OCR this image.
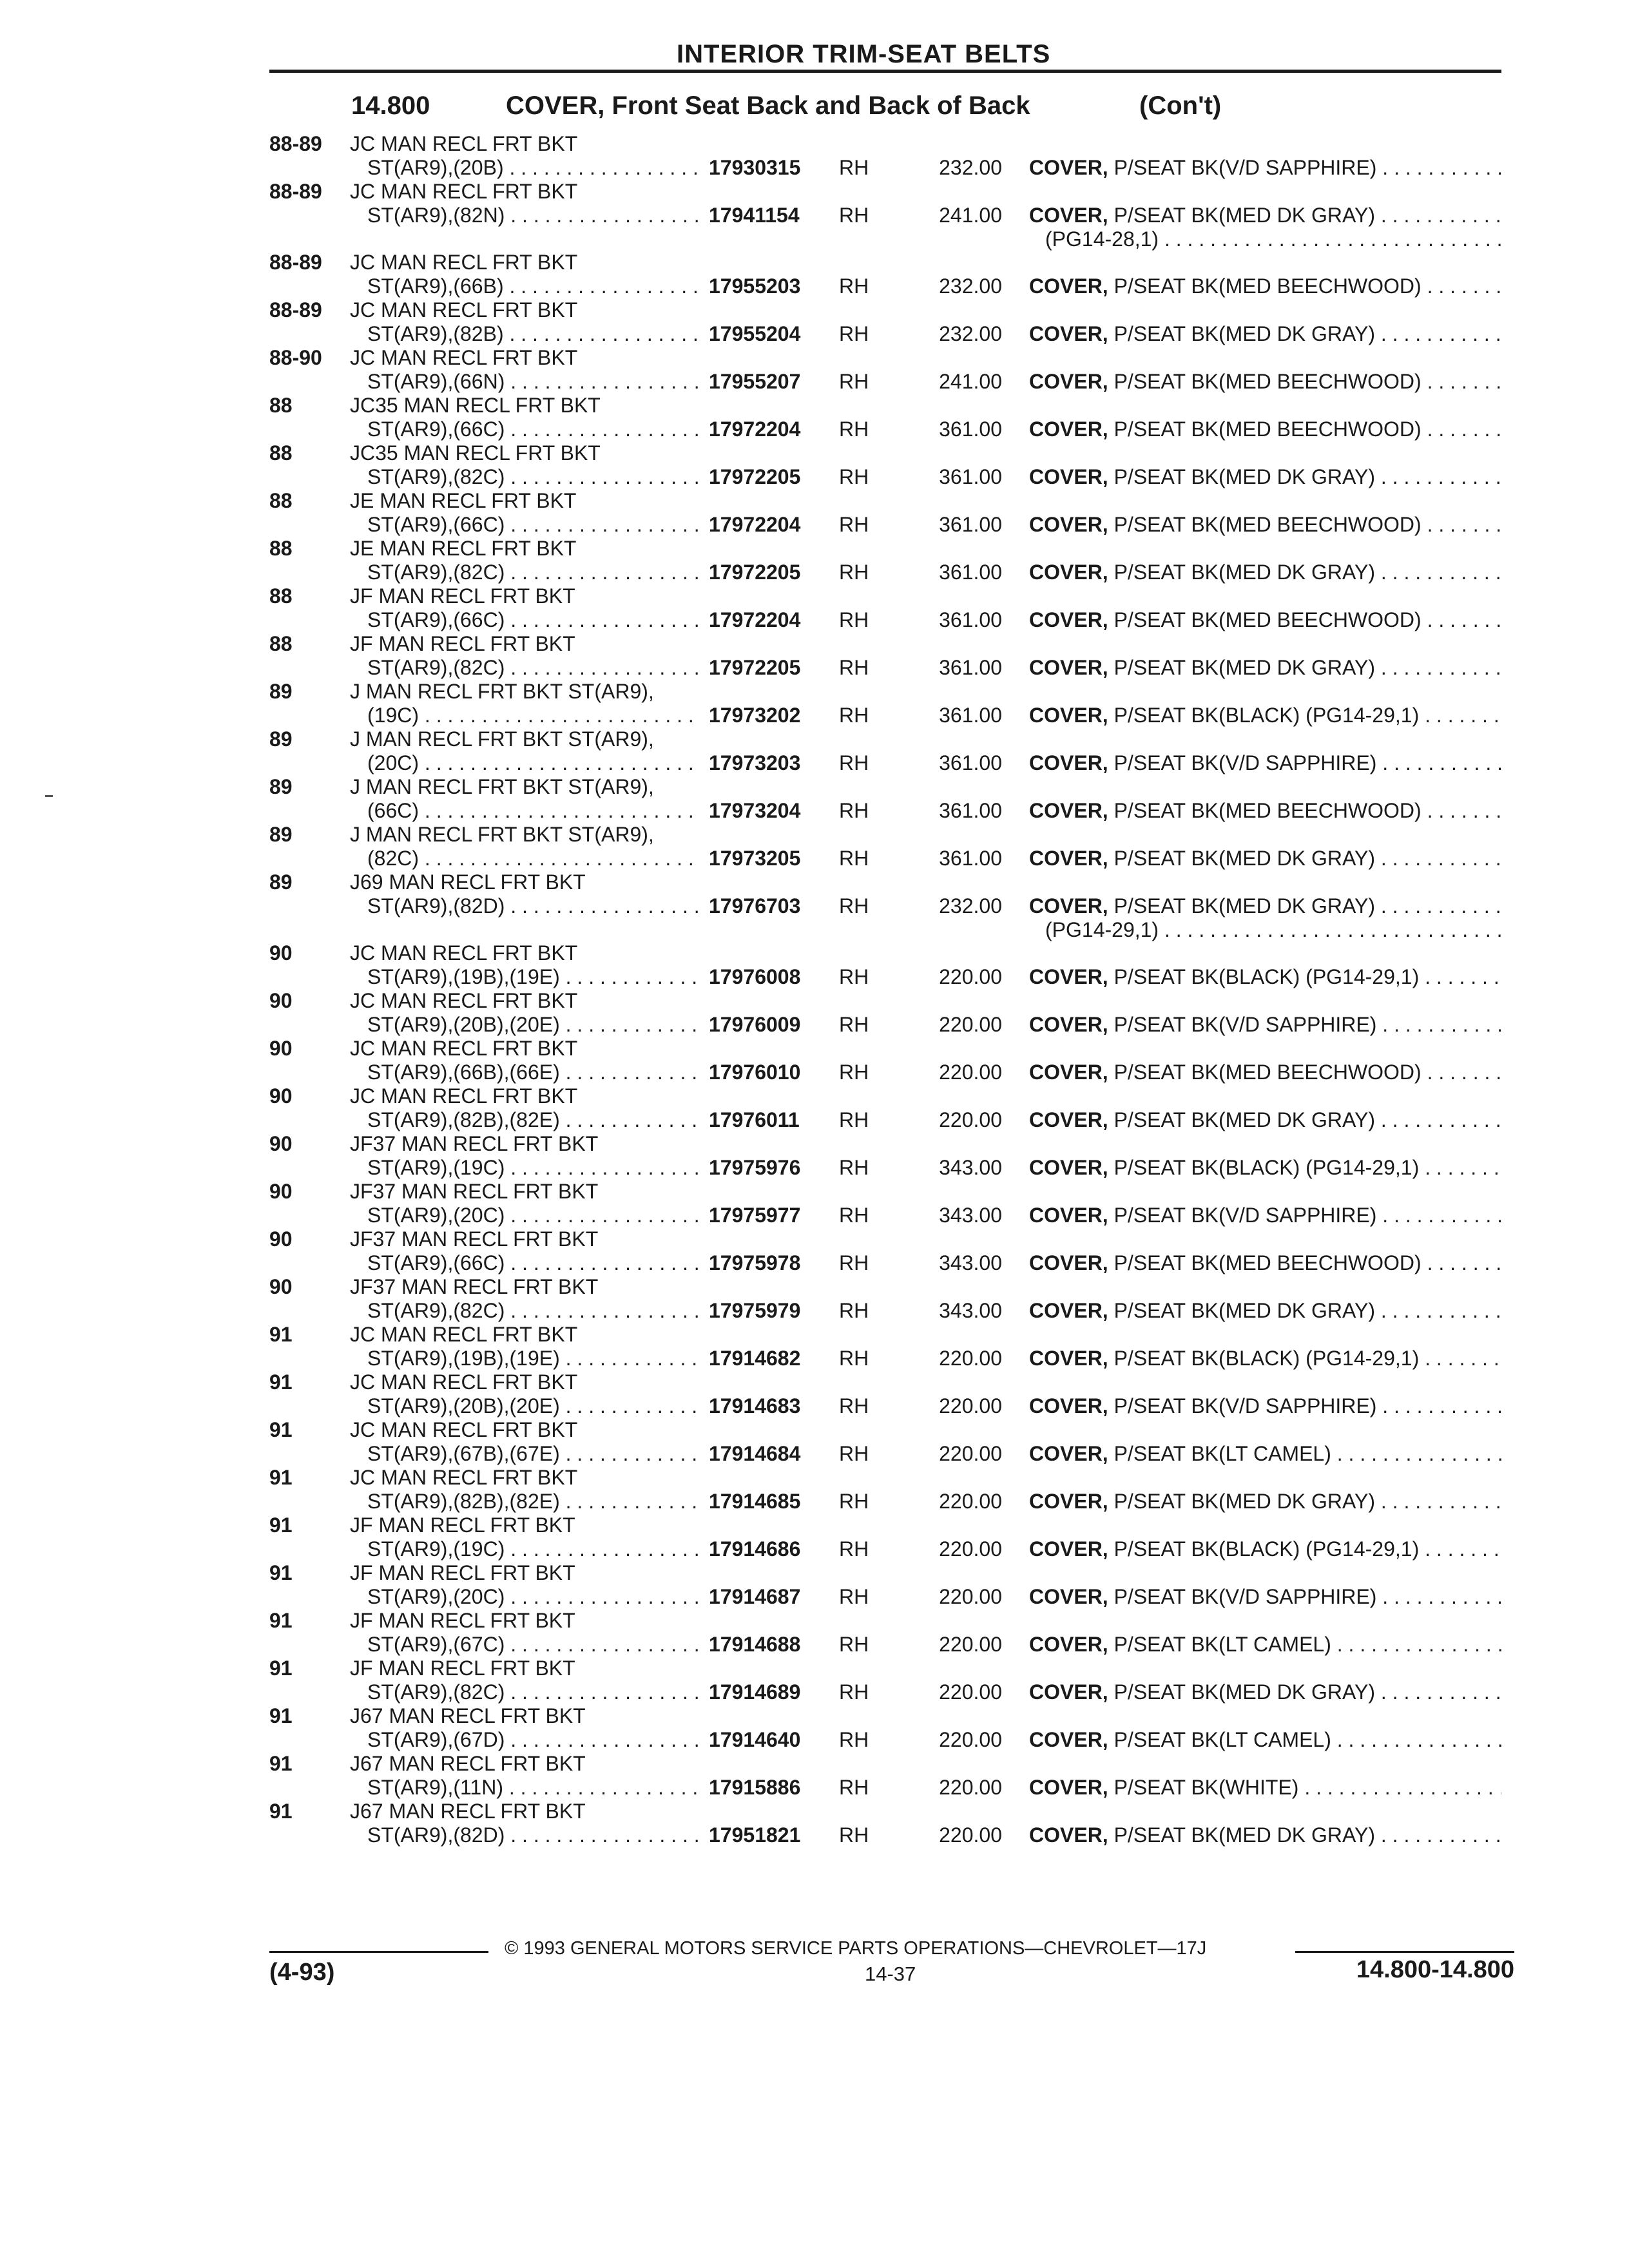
INTERIOR TRIM-SEAT BELTS
14.800	COVER, Front Seat Back and Back of Back	(Con't)
88-89 JC MAN RECL FRT BKT
ST(AR9),(20B) . . .	17930315 RH	232.00 COVER, P/SEAT BK(V/D SAPPHIRE) . . .
88-89 JC MAN RECL FRT BKT
ST(AR9),(82N) . . .	17941154 RH	241.00 COVER, P/SEAT BK(MED DK GRAY) . . .
(PG14-28,1) . . .
88-89 JC MAN RECL FRT BKT
ST(AR9),(66B) . . .	17955203 RH	232.00 COVER, P/SEAT BK(MED BEECHWOOD) . . .
88-89 JC MAN RECL FRT BKT
ST(AR9),(82B) . . .	17955204 RH	232.00 COVER, P/SEAT BK(MED DK GRAY) . . .
88-90 JC MAN RECL FRT BKT
ST(AR9),(66N) . . .	17955207 RH	241.00 COVER, P/SEAT BK(MED BEECHWOOD) . . .
88	JC35 MAN RECL FRT BKT
ST(AR9),(66C) . . .	17972204 RH	361.00 COVER, P/SEAT BK(MED BEECHWOOD) . . .
88	JC35 MAN RECL FRT BKT
ST(AR9),(82C) . . .	17972205 RH	361.00 COVER, P/SEAT BK(MED DK GRAY) . . .
88	JE MAN RECL FRT BKT
ST(AR9),(66C) . . .	17972204 RH	361.00 COVER, P/SEAT BK(MED BEECHWOOD) . . .
88	JE MAN RECL FRT BKT
ST(AR9),(82C) . . .	17972205 RH	361.00 COVER, P/SEAT BK(MED DK GRAY) . . .
88	JF MAN RECL FRT BKT
ST(AR9),(66C) . . .	17972204 RH	361.00 COVER, P/SEAT BK(MED BEECHWOOD) . . .
88	JF MAN RECL FRT BKT
ST(AR9),(82C) . . .	17972205 RH	361.00 COVER, P/SEAT BK(MED DK GRAY) . . .
89	J MAN RECL FRT BKT ST(AR9),
(19C) . . .	17973202 RH	361.00 COVER, P/SEAT BK(BLACK) (PG14-29,1) . . .
89	J MAN RECL FRT BKT ST(AR9),
(20C) . . .	17973203 RH	361.00 COVER, P/SEAT BK(V/D SAPPHIRE) . . .
89	J MAN RECL FRT BKT ST(AR9),
(66C) . . .	17973204 RH	361.00 COVER, P/SEAT BK(MED BEECHWOOD) . . .
89	J MAN RECL FRT BKT ST(AR9),
(82C) . . .	17973205 RH	361.00 COVER, P/SEAT BK(MED DK GRAY) . . .
89	J69 MAN RECL FRT BKT
ST(AR9),(82D) . . .	17976703 RH	232.00 COVER, P/SEAT BK(MED DK GRAY) . . .
(PG14-29,1) . . .
90	JC MAN RECL FRT BKT
ST(AR9),(19B),(19E) . . .	17976008 RH	220.00 COVER, P/SEAT BK(BLACK) (PG14-29,1) . . .
90	JC MAN RECL FRT BKT
ST(AR9),(20B),(20E) . . .	17976009 RH	220.00 COVER, P/SEAT BK(V/D SAPPHIRE) . . .
90	JC MAN RECL FRT BKT
ST(AR9),(66B),(66E) . . .	17976010 RH	220.00 COVER, P/SEAT BK(MED BEECHWOOD) . . .
90	JC MAN RECL FRT BKT
ST(AR9),(82B),(82E) . . .	17976011 RH	220.00 COVER, P/SEAT BK(MED DK GRAY) . . .
90	JF37 MAN RECL FRT BKT
ST(AR9),(19C) . . .	17975976 RH	343.00 COVER, P/SEAT BK(BLACK) (PG14-29,1) . . .
90	JF37 MAN RECL FRT BKT
ST(AR9),(20C) . . .	17975977 RH	343.00 COVER, P/SEAT BK(V/D SAPPHIRE) . . .
90	JF37 MAN RECL FRT BKT
ST(AR9),(66C) . . .	17975978 RH	343.00 COVER, P/SEAT BK(MED BEECHWOOD) . . .
90	JF37 MAN RECL FRT BKT
ST(AR9),(82C) . . .	17975979 RH	343.00 COVER, P/SEAT BK(MED DK GRAY) . . .
91	JC MAN RECL FRT BKT
ST(AR9),(19B),(19E) . . .	17914682 RH	220.00 COVER, P/SEAT BK(BLACK) (PG14-29,1) . . .
91	JC MAN RECL FRT BKT
ST(AR9),(20B),(20E) . . .	17914683 RH	220.00 COVER, P/SEAT BK(V/D SAPPHIRE) . . .
91	JC MAN RECL FRT BKT
ST(AR9),(67B),(67E) . . .	17914684 RH	220.00 COVER, P/SEAT BK(LT CAMEL) . . .
91	JC MAN RECL FRT BKT
ST(AR9),(82B),(82E) . . .	17914685 RH	220.00 COVER, P/SEAT BK(MED DK GRAY) . . .
91	JF MAN RECL FRT BKT
ST(AR9),(19C) . . .	17914686 RH	220.00 COVER, P/SEAT BK(BLACK) (PG14-29,1) . . .
91	JF MAN RECL FRT BKT
ST(AR9),(20C) . . .	17914687 RH	220.00 COVER, P/SEAT BK(V/D SAPPHIRE) . . .
91	JF MAN RECL FRT BKT
ST(AR9),(67C) . . .	17914688 RH	220.00 COVER, P/SEAT BK(LT CAMEL) . . .
91	JF MAN RECL FRT BKT
ST(AR9),(82C) . . .	17914689 RH	220.00 COVER, P/SEAT BK(MED DK GRAY) . . .
91	J67 MAN RECL FRT BKT
ST(AR9),(67D) . . .	17914640 RH	220.00 COVER, P/SEAT BK(LT CAMEL) . . .
91	J67 MAN RECL FRT BKT
ST(AR9),(11N) . . .	17915886 RH	220.00 COVER, P/SEAT BK(WHITE) . . .
91	J67 MAN RECL FRT BKT
ST(AR9),(82D) . . .	17951821 RH	220.00 COVER, P/SEAT BK(MED DK GRAY) . . .
© 1993 GENERAL MOTORS SERVICE PARTS OPERATIONS—CHEVROLET—17J
(4-93)	14-37	14.800-14.800
